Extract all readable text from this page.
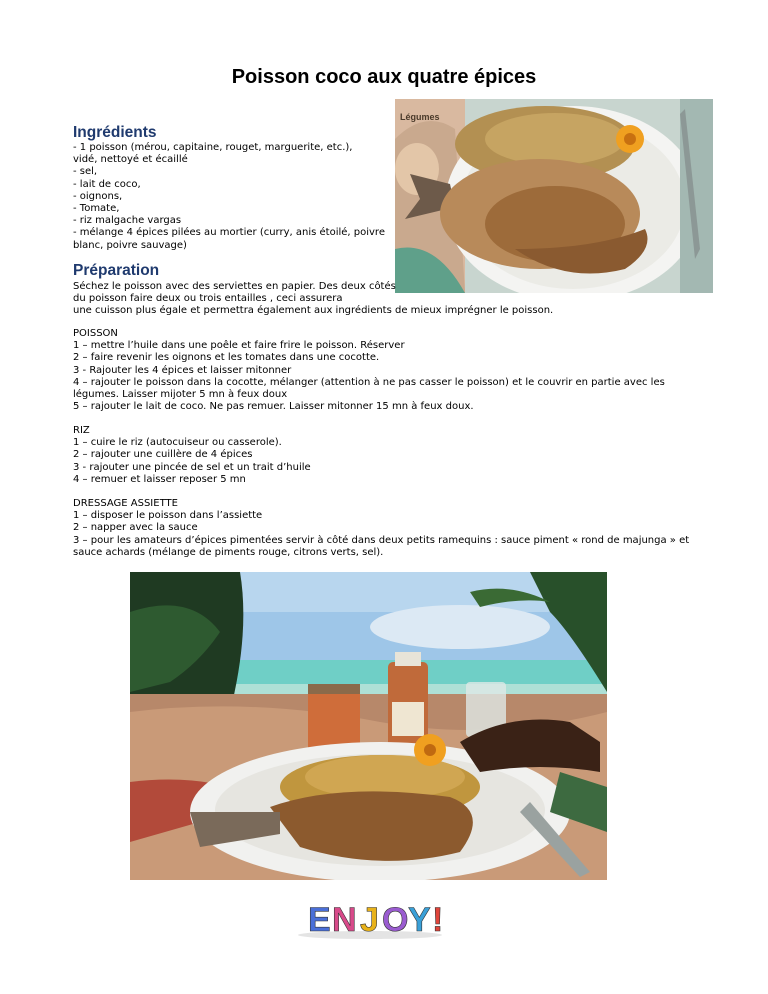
Poisson coco aux quatre épices
Légumes
Ingrédients
- 1 poisson (mérou, capitaine, rouget, marguerite, etc.),
vidé, nettoyé et écaillé
- sel,
- lait de coco,
- oignons,
- Tomate,
- riz malgache vargas
- mélange 4 épices pilées au mortier (curry, anis étoilé, poivre
blanc, poivre sauvage)
Préparation
Séchez le poisson avec des serviettes en papier. Des deux côtés
du poisson faire deux ou trois entailles , ceci assurera
une cuisson plus égale et permettra également aux ingrédients de mieux imprégner le poisson.
POISSON
1 – mettre l’huile dans une poêle et faire frire le poisson. Réserver
2 – faire revenir les oignons et les tomates dans une cocotte.
3 - Rajouter les 4 épices et laisser mitonner
4 – rajouter le poisson dans la cocotte, mélanger (attention à ne pas casser le poisson) et le couvrir en partie avec les
légumes. Laisser mijoter 5 mn à feux doux
5 – rajouter le lait de coco. Ne pas remuer. Laisser mitonner 15 mn à feux doux.
RIZ
1 – cuire le riz (autocuiseur ou casserole).
2 – rajouter une cuillère de 4 épices
3 - rajouter une pincée de sel et un trait d’huile
4 – remuer et laisser reposer 5 mn
DRESSAGE ASSIETTE
1 – disposer le poisson dans l’assiette
2 – napper avec la sauce
3 – pour les amateurs d’épices pimentées servir à côté dans deux petits ramequins : sauce piment « rond de majunga » et
sauce achards (mélange de piments rouge, citrons verts, sel).
E N J O Y !
